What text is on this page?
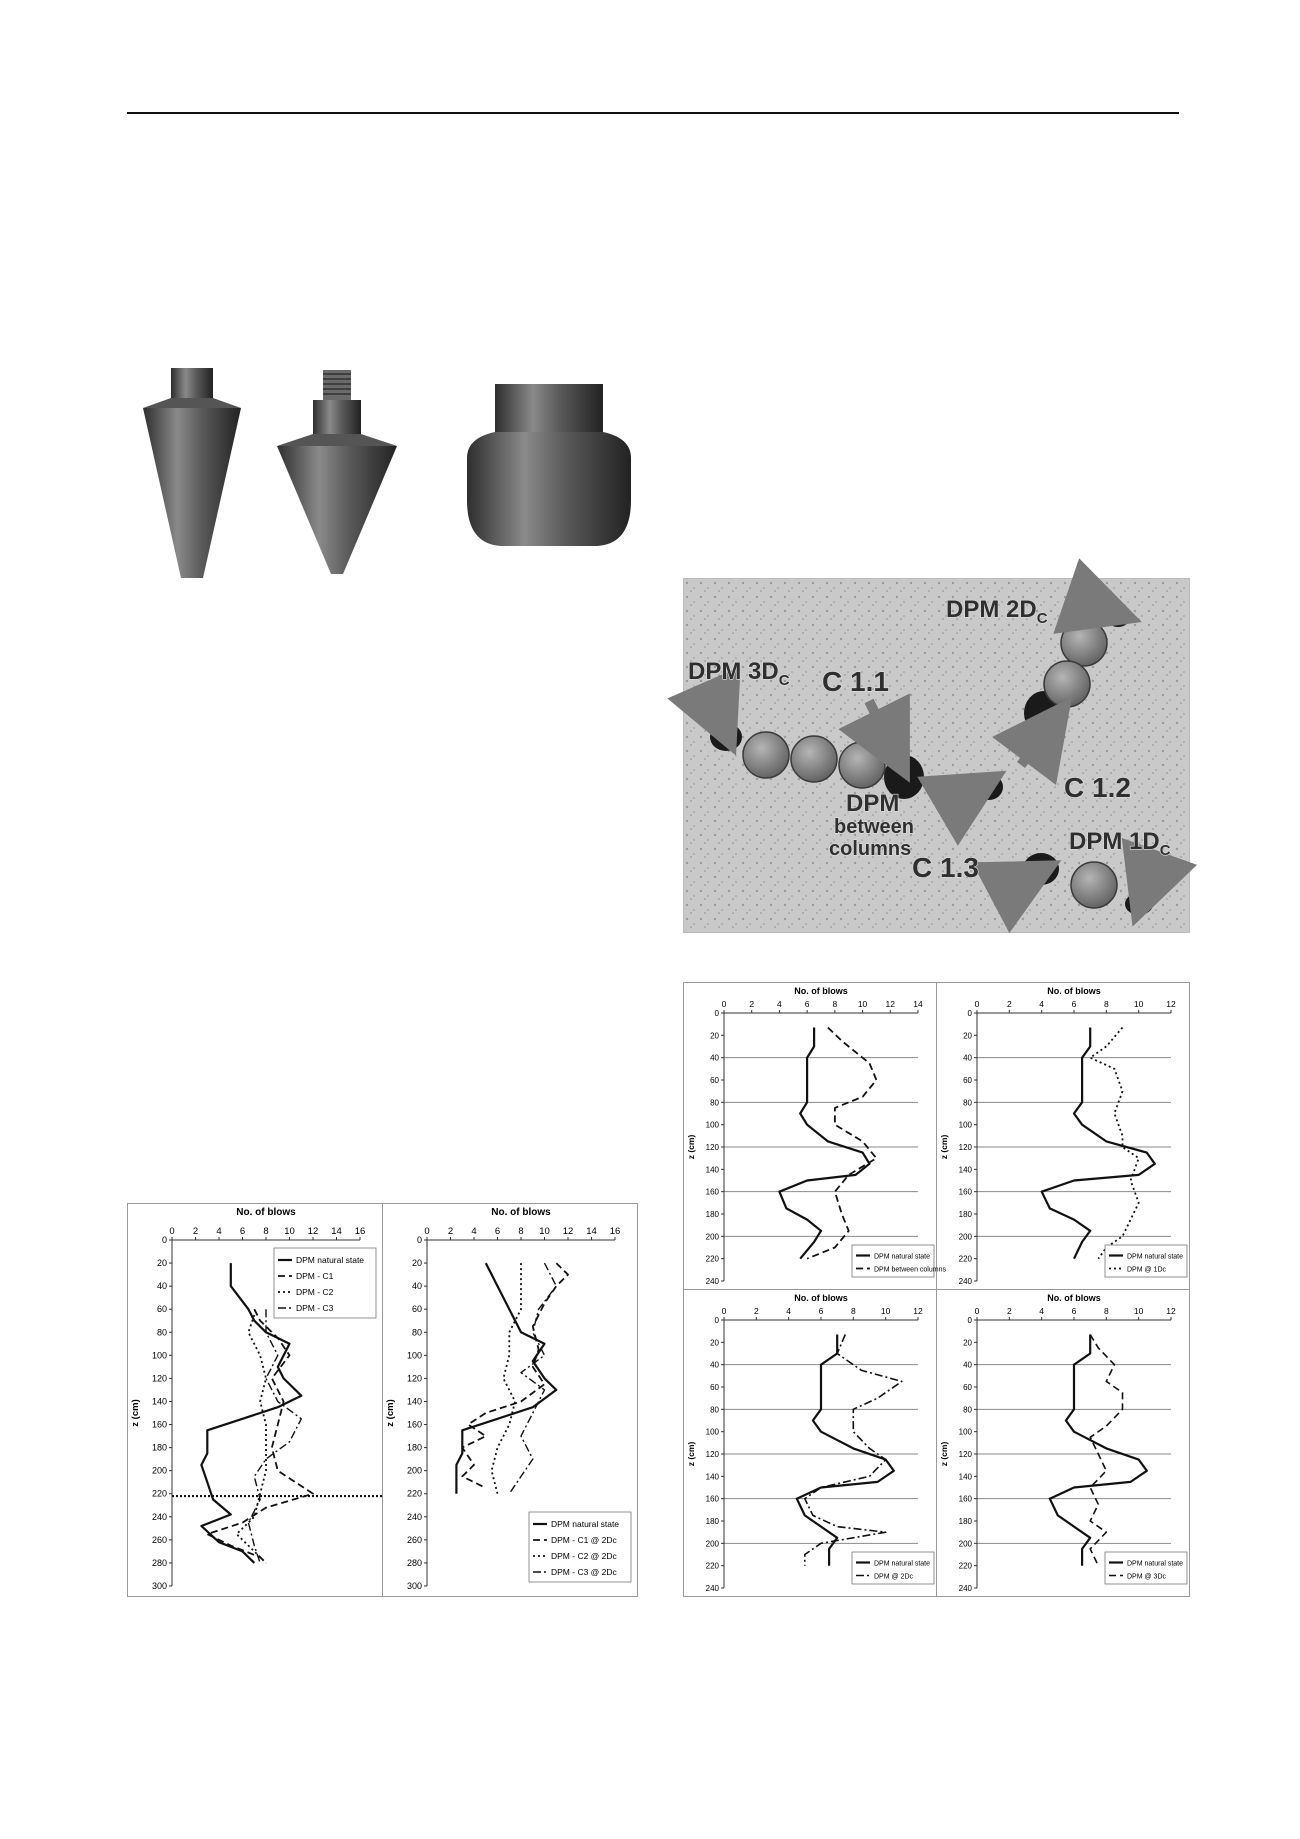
DPM $2D_C$
DPM $3D_C$ C 1.1
C 1.2
C 1.3
DPM
between
columns	DPM $1D_C$
No. of blows
0 2 4 6 8 10 12 14 16
0
20
40
60
80
100
120
140
160
180
200
220
240
260
280
300
z (cm)
DPM natural state
DPM - C1
DPM - C2
DPM - C3
No. of blows
0 2 4 6 8 10 12 14 16
0
20
40
60
80
100
120
140
160
180
200
220
240
260
280
300
z (cm)
DPM natural state
DPM - C1 @ 2Dc
DPM - C2 @ 2Dc
DPM - C3 @ 2Dc
No. of blows
0	2	4	6	8 10 12 14
0
20
40
60
80
100
120
140
160
180
200
220
240
z (cm)
DPM natural state
DPM between columns
No. of blows
0	2	4	6	8	10	12
0
20
40
60
80
100
120
140
160
180
200
220
240
z (cm)
DPM natural state
DPM @ 1Dc
No. of blows
0	2	4	6	8	10	12
0
20
40
60
80
100
120
140
160
180
200
220
240
z (cm)
DPM natural state
DPM @ 2Dc
No. of blows
0	2	4	6	8	10	12
0
20
40
60
80
100
120
140
160
180
200
220
240
z (cm)
DPM natural state
DPM @ 3Dc
